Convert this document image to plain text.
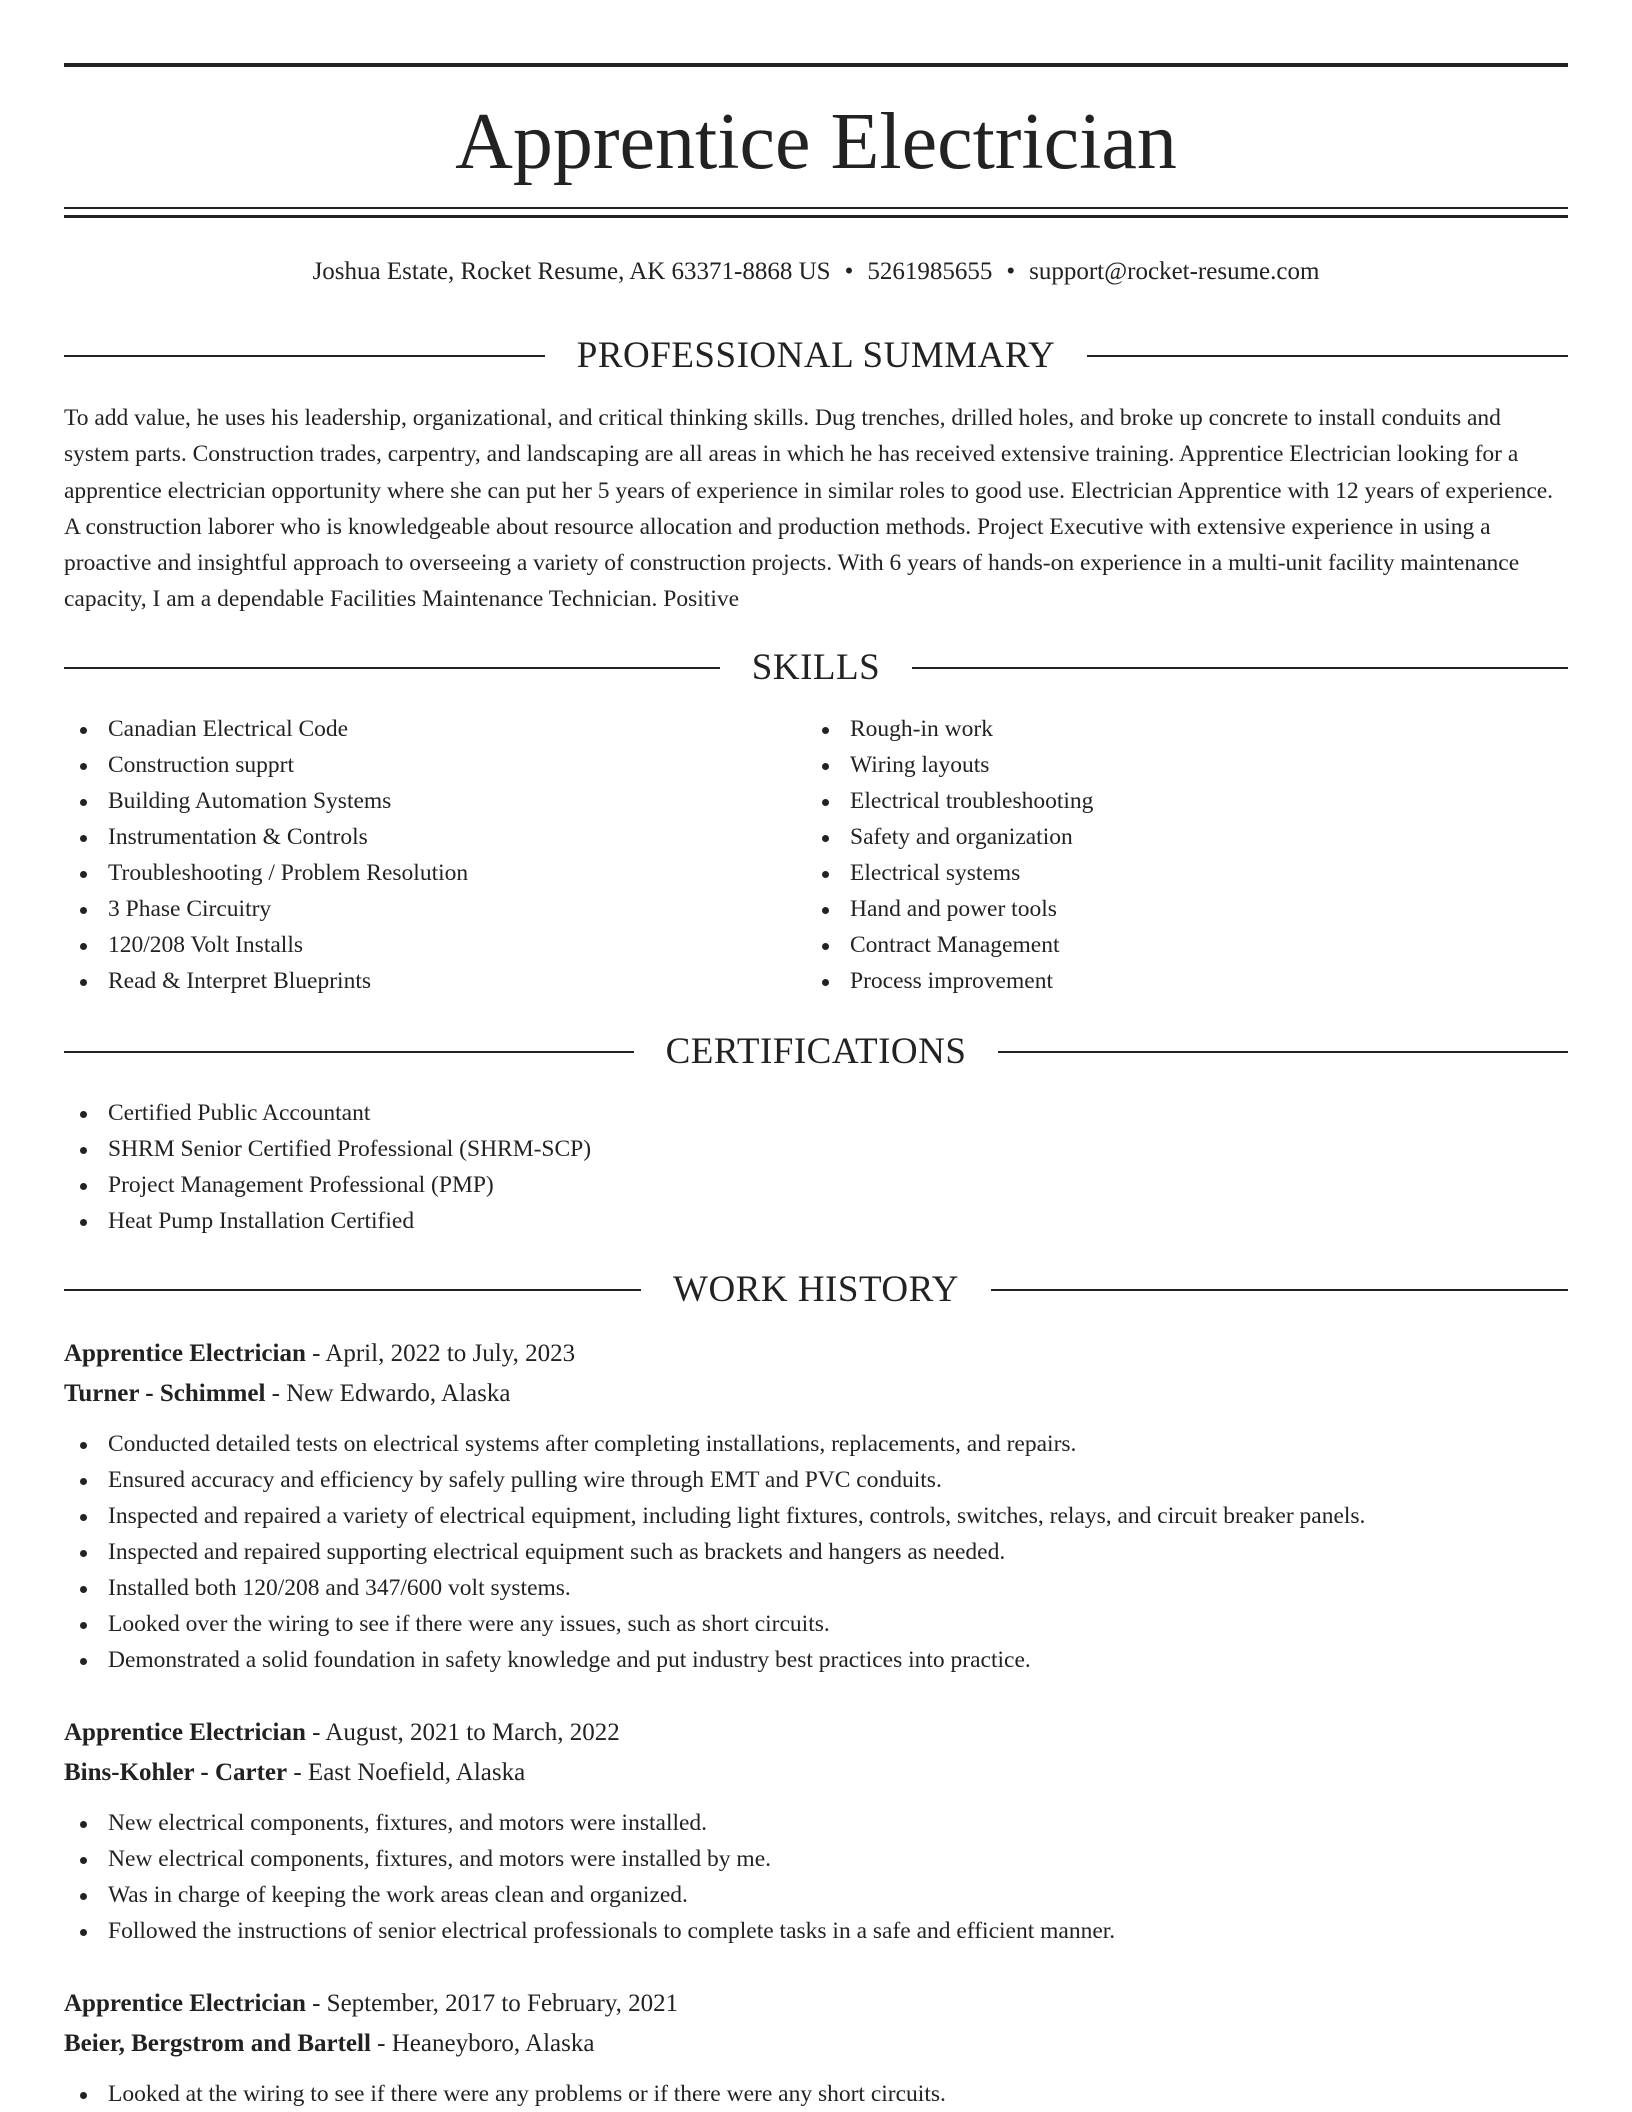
Apprentice Electrician
Joshua Estate, Rocket Resume, AK 63371-8868 US • 5261985655 • support@rocket-resume.com
PROFESSIONAL SUMMARY

To add value, he uses his leadership, organizational, and critical thinking skills. Dug trenches, drilled holes, and broke up concrete to install conduits and system parts. Construction trades, carpentry, and landscaping are all areas in which he has received extensive training. Apprentice Electrician looking for a apprentice electrician opportunity where she can put her 5 years of experience in similar roles to good use. Electrician Apprentice with 12 years of experience. A construction laborer who is knowledgeable about resource allocation and production methods. Project Executive with extensive experience in using a proactive and insightful approach to overseeing a variety of construction projects. With 6 years of hands-on experience in a multi-unit facility maintenance capacity, I am a dependable Facilities Maintenance Technician. Positive

SKILLS
Canadian Electrical Code
Construction supprt
Building Automation Systems
Instrumentation & Controls
Troubleshooting / Problem Resolution
3 Phase Circuitry
120/208 Volt Installs
Read & Interpret Blueprints
Rough-in work
Wiring layouts
Electrical troubleshooting
Safety and organization
Electrical systems
Hand and power tools
Contract Management
Process improvement
CERTIFICATIONS
Certified Public Accountant
SHRM Senior Certified Professional (SHRM-SCP)
Project Management Professional (PMP)
Heat Pump Installation Certified
WORK HISTORY
Apprentice Electrician - April, 2022 to July, 2023
Turner - Schimmel - New Edwardo, Alaska
Conducted detailed tests on electrical systems after completing installations, replacements, and repairs.
Ensured accuracy and efficiency by safely pulling wire through EMT and PVC conduits.
Inspected and repaired a variety of electrical equipment, including light fixtures, controls, switches, relays, and circuit breaker panels.
Inspected and repaired supporting electrical equipment such as brackets and hangers as needed.
Installed both 120/208 and 347/600 volt systems.
Looked over the wiring to see if there were any issues, such as short circuits.
Demonstrated a solid foundation in safety knowledge and put industry best practices into practice.
Apprentice Electrician - August, 2021 to March, 2022
Bins-Kohler - Carter - East Noefield, Alaska
New electrical components, fixtures, and motors were installed.
New electrical components, fixtures, and motors were installed by me.
Was in charge of keeping the work areas clean and organized.
Followed the instructions of senior electrical professionals to complete tasks in a safe and efficient manner.
Apprentice Electrician - September, 2017 to February, 2021
Beier, Bergstrom and Bartell - Heaneyboro, Alaska
Looked at the wiring to see if there were any problems or if there were any short circuits.
